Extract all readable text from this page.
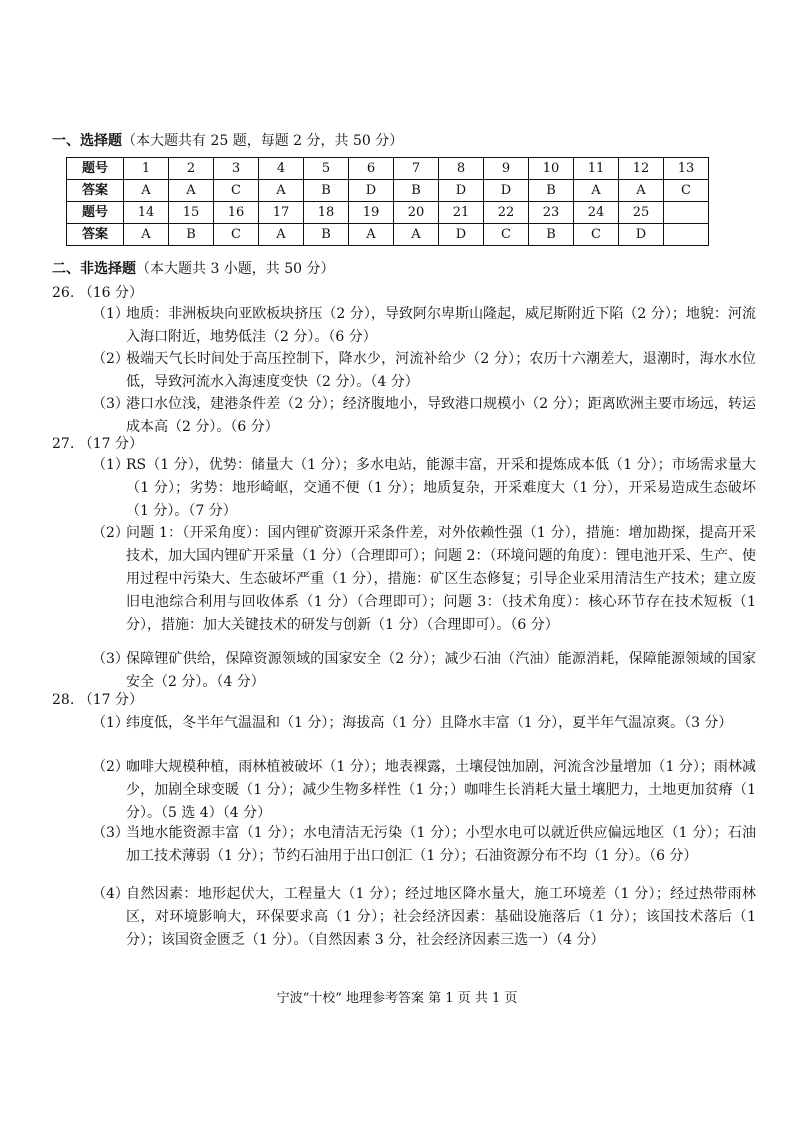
一、选择题（本大题共有 25 题，每题 2 分，共 50 分）
题号	1	2	3	4	5	6	7	8	9	10	11	12	13
答案	A	A	C	A	B	D	B	D	D	B	A	A	C
题号	14	15	16	17	18	19	20	21	22	23	24	25	
答案	A	B	C	A	B	A	A	D	C	B	C	D	
二、非选择题（本大题共 3 小题，共 50 分）
26. （16 分）
（1）
地质：非洲板块向亚欧板块挤压（2 分），导致阿尔卑斯山隆起，威尼斯附近下陷（2 分）；地貌：河流入海口附近，地势低洼（2 分）。（6 分）
（2）
极端天气长时间处于高压控制下，降水少，河流补给少（2 分）；农历十六潮差大，退潮时，海水水位低，导致河流水入海速度变快（2 分）。（4 分）
（3）
港口水位浅，建港条件差（2 分）；经济腹地小，导致港口规模小（2 分）；距离欧洲主要市场远，转运成本高（2 分）。（6 分）
27. （17 分）
（1）
RS（1 分），优势：储量大（1 分）；多水电站，能源丰富，开采和提炼成本低（1 分）；市场需求量大（1 分）；劣势：地形崎岖，交通不便（1 分）；地质复杂，开采难度大（1 分），开采易造成生态破坏（1 分）。（7 分）
（2）
问题 1：（开采角度）：国内锂矿资源开采条件差，对外依赖性强（1 分），措施：增加勘探，提高开采技术，加大国内锂矿开采量（1 分）（合理即可）；问题 2：（环境问题的角度）：锂电池开采、生产、使用过程中污染大、生态破坏严重（1 分），措施：矿区生态修复；引导企业采用清洁生产技术；建立废旧电池综合利用与回收体系（1 分）（合理即可）；问题 3：（技术角度）：核心环节存在技术短板（1 分），措施：加大关键技术的研发与创新（1 分）（合理即可）。（6 分）
（3）
保障锂矿供给，保障资源领域的国家安全（2 分）；减少石油（汽油）能源消耗，保障能源领域的国家安全（2 分）。（4 分）
28. （17 分）
（1）
纬度低，冬半年气温温和（1 分）；海拔高（1 分）且降水丰富（1 分），夏半年气温凉爽。（3 分）
（2）
咖啡大规模种植，雨林植被破坏（1 分）；地表裸露，土壤侵蚀加剧，河流含沙量增加（1 分）；雨林减少，加剧全球变暖（1 分）；减少生物多样性（1 分；）咖啡生长消耗大量土壤肥力，土地更加贫瘠（1 分）。（5 选 4）（4 分）
（3）
当地水能资源丰富（1 分）；水电清洁无污染（1 分）；小型水电可以就近供应偏远地区（1 分）；石油加工技术薄弱（1 分）；节约石油用于出口创汇（1 分）；石油资源分布不均（1 分）。（6 分）
（4）
自然因素：地形起伏大，工程量大（1 分）；经过地区降水量大，施工环境差（1 分）；经过热带雨林区，对环境影响大，环保要求高（1 分）；社会经济因素：基础设施落后（1 分）；该国技术落后（1 分）；该国资金匮乏（1 分）。（自然因素 3 分，社会经济因素三选一）（4 分）
宁波“十校” 地理参考答案 第 1 页 共 1 页
